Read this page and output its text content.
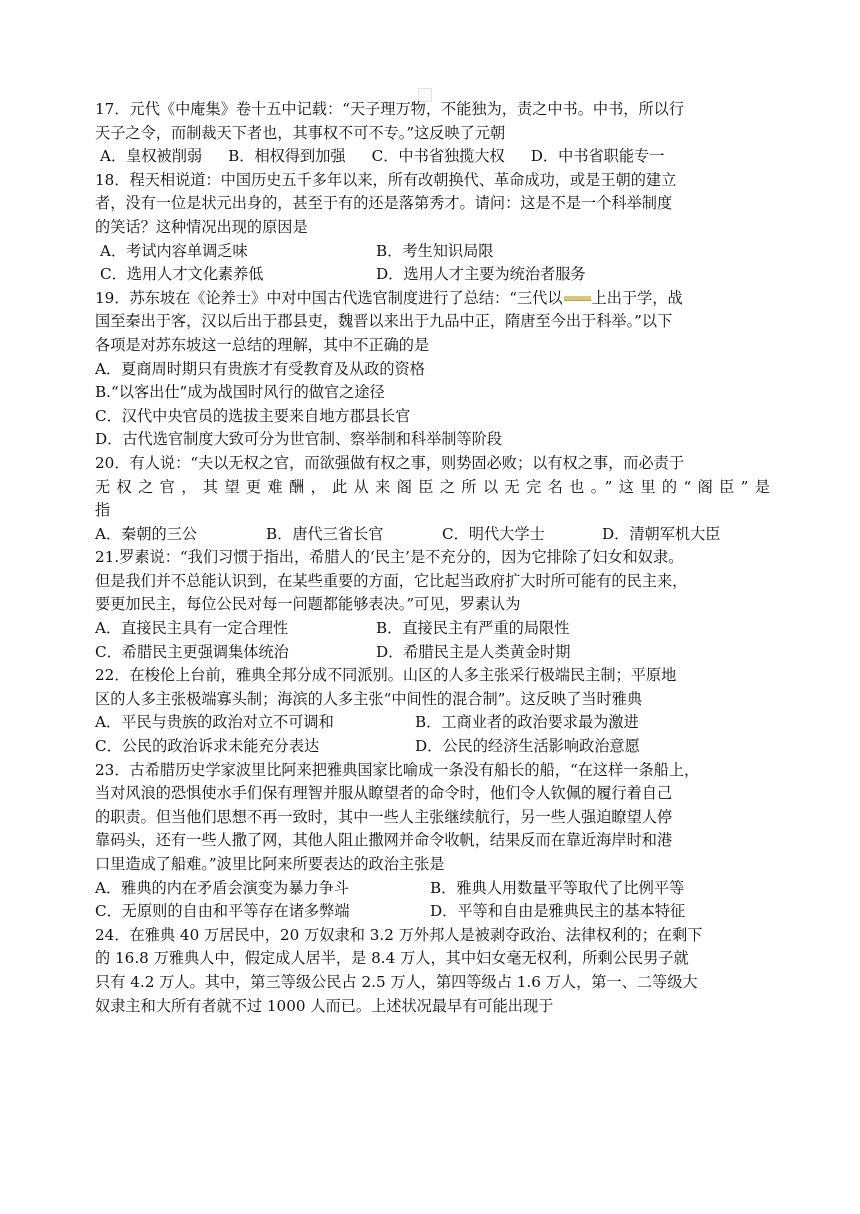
17．元代《中庵集》卷十五中记载：“天子理万物，不能独为，责之中书。中书，所以行
天子之令，而制裁天下者也，其事权不可不专。”这反映了元朝
A．皇权被削弱 B．相权得到加强 C．中书省独揽大权 D．中书省职能专一
18．程天相说道：中国历史五千多年以来，所有改朝换代、革命成功，或是王朝的建立
者，没有一位是状元出身的，甚至于有的还是落第秀才。请问：这是不是一个科举制度
的笑话？这种情况出现的原因是
A．考试内容单调乏味	B．考生知识局限
C．选用人才文化素养低	D．选用人才主要为统治者服务
19．苏东坡在《论养士》中对中国古代选官制度进行了总结：“三代以 上出于学，战
国至秦出于客，汉以后出于郡县吏，魏晋以来出于九品中正，隋唐至今出于科举。”以下
各项是对苏东坡这一总结的理解，其中不正确的是
A．夏商周时期只有贵族才有受教育及从政的资格
B.“以客出仕”成为战国时风行的做官之途径
C．汉代中央官员的选拔主要来自地方郡县长官
D．古代选官制度大致可分为世官制、察举制和科举制等阶段
20．有人说：“夫以无权之官，而欲强做有权之事，则势固必败；以有权之事，而必责于
无权之官，其望更难酬，此从来阁臣之所以无完名也。”这里的“阁臣”是
指
A．秦朝的三公	B．唐代三省长官	C．明代大学士	D．清朝军机大臣
21.罗素说：“我们习惯于指出，希腊人的‘民主’是不充分的，因为它排除了妇女和奴隶。
但是我们并不总能认识到，在某些重要的方面，它比起当政府扩大时所可能有的民主来，
要更加民主，每位公民对每一问题都能够表决。”可见，罗素认为
A．直接民主具有一定合理性	B．直接民主有严重的局限性
C．希腊民主更强调集体统治	D．希腊民主是人类黄金时期
22．在梭伦上台前，雅典全邦分成不同派别。山区的人多主张采行极端民主制；平原地
区的人多主张极端寡头制；海滨的人多主张“中间性的混合制”。这反映了当时雅典
A．平民与贵族的政治对立不可调和	B．工商业者的政治要求最为激进
C．公民的政治诉求未能充分表达	D．公民的经济生活影响政治意愿
23．古希腊历史学家波里比阿来把雅典国家比喻成一条没有船长的船，“在这样一条船上，
当对风浪的恐惧使水手们保有理智并服从瞭望者的命令时，他们令人钦佩的履行着自己
的职责。但当他们思想不再一致时，其中一些人主张继续航行，另一些人强迫瞭望人停
靠码头，还有一些人撒了网，其他人阻止撒网并命令收帆，结果反而在靠近海岸时和港
口里造成了船难。”波里比阿来所要表达的政治主张是
A．雅典的内在矛盾会演变为暴力争斗	B．雅典人用数量平等取代了比例平等
C．无原则的自由和平等存在诸多弊端	D．平等和自由是雅典民主的基本特征
24．在雅典 40 万居民中，20 万奴隶和 3.2 万外邦人是被剥夺政治、法律权利的；在剩下
的 16.8 万雅典人中，假定成人居半，是 8.4 万人，其中妇女毫无权利，所剩公民男子就
只有 4.2 万人。其中，第三等级公民占 2.5 万人，第四等级占 1.6 万人，第一、二等级大
奴隶主和大所有者就不过 1000 人而已。上述状况最早有可能出现于
